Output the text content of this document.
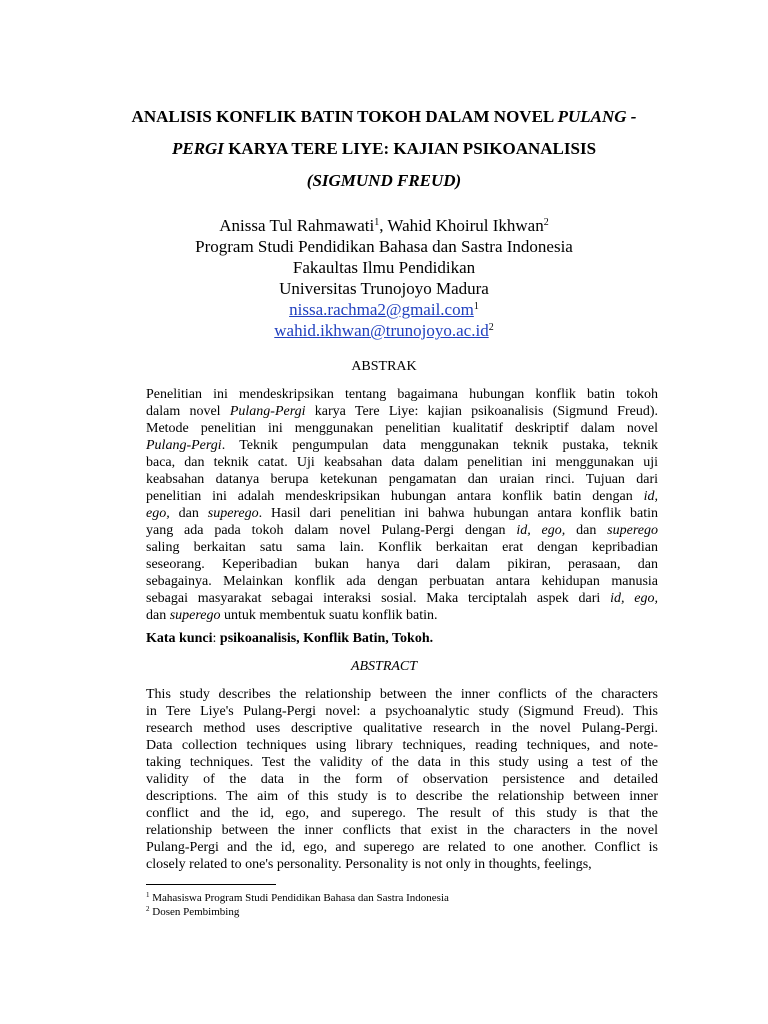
ANALISIS KONFLIK BATIN TOKOH DALAM NOVEL PULANG -
PERGI KARYA TERE LIYE: KAJIAN PSIKOANALISIS
(SIGMUND FREUD)
Anissa Tul Rahmawati$^1$, Wahid Khoirul Ikhwan$^2$
Program Studi Pendidikan Bahasa dan Sastra Indonesia
Fakaultas Ilmu Pendidikan
Universitas Trunojoyo Madura
nissa.rachma2@gmail.com$^1$
$wahid.ikhwan@trunojoyo.ac.id^2$
ABSTRAK
Penelitian ini mendeskripsikan tentang bagaimana hubungan konflik batin tokoh
dalam novel Pulang-Pergi karya Tere Liye: kajian psikoanalisis (Sigmund Freud).
Metode penelitian ini menggunakan penelitian kualitatif deskriptif dalam novel
Pulang-Pergi. Teknik pengumpulan data menggunakan teknik pustaka, teknik
baca, dan teknik catat. Uji keabsahan data dalam penelitian ini menggunakan uji
keabsahan datanya berupa ketekunan pengamatan dan uraian rinci. Tujuan dari
penelitian ini adalah mendeskripsikan hubungan antara konflik batin dengan id,
ego, dan superego. Hasil dari penelitian ini bahwa hubungan antara konflik batin
yang ada pada tokoh dalam novel Pulang-Pergi dengan id, ego, dan superego
saling berkaitan satu sama lain. Konflik berkaitan erat dengan kepribadian
seseorang. Keperibadian bukan hanya dari dalam pikiran, perasaan, dan
sebagainya. Melainkan konflik ada dengan perbuatan antara kehidupan manusia
sebagai masyarakat sebagai interaksi sosial. Maka terciptalah aspek dari id, ego,
dan superego untuk membentuk suatu konflik batin.
Kata kunci: psikoanalisis, Konflik Batin, Tokoh.
ABSTRACT
This study describes the relationship between the inner conflicts of the characters
in Tere Liye's Pulang-Pergi novel: a psychoanalytic study (Sigmund Freud). This
research method uses descriptive qualitative research in the novel Pulang-Pergi.
Data collection techniques using library techniques, reading techniques, and note-
taking techniques. Test the validity of the data in this study using a test of the
validity of the data in the form of observation persistence and detailed
descriptions. The aim of this study is to describe the relationship between inner
conflict and the id, ego, and superego. The result of this study is that the
relationship between the inner conflicts that exist in the characters in the novel
Pulang-Pergi and the id, ego, and superego are related to one another. Conflict is
closely related to one's personality. Personality is not only in thoughts, feelings,
$^1$ Mahasiswa Program Studi Pendidikan Bahasa dan Sastra Indonesia
$^2$ Dosen Pembimbing
